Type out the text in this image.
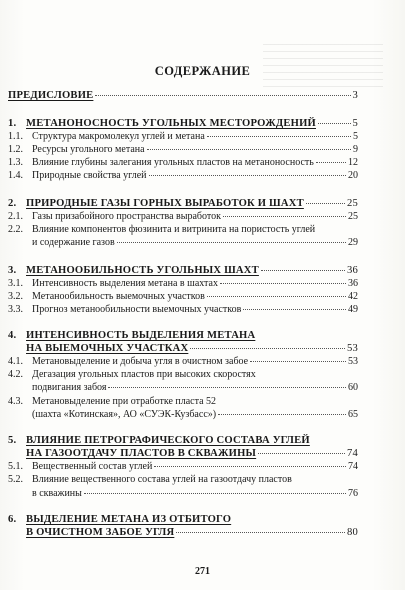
СОДЕРЖАНИЕ
ПРЕДИСЛОВИЕ	3
1. МЕТАНОНОСНОСТЬ УГОЛЬНЫХ МЕСТОРОЖДЕНИЙ	5
1.1. Структура макромолекул углей и метана	5
1.2. Ресурсы угольного метана	9
1.3. Влияние глубины залегания угольных пластов на метаноносность	12
1.4. Природные свойства углей	20
2. ПРИРОДНЫЕ ГАЗЫ ГОРНЫХ ВЫРАБОТОК И ШАХТ	25
2.1. Газы призабойного пространства выработок	25
2.2. Влияние компонентов фюзинита и витринита на пористость углей
и содержание газов	29
3. МЕТАНООБИЛЬНОСТЬ УГОЛЬНЫХ ШАХТ	36
3.1. Интенсивность выделения метана в шахтах	36
3.2. Метанообильность выемочных участков	42
3.3. Прогноз метанообильности выемочных участков	49
4. ИНТЕНСИВНОСТЬ ВЫДЕЛЕНИЯ МЕТАНА
НА ВЫЕМОЧНЫХ УЧАСТКАХ	53
4.1. Метановыделение и добыча угля в очистном забое	53
4.2. Дегазация угольных пластов при высоких скоростях
подвигания забоя	60
4.3. Метановыделение при отработке пласта 52
(шахта «Котинская», АО «СУЭК-Кузбасс»)	65
5. ВЛИЯНИЕ ПЕТРОГРАФИЧЕСКОГО СОСТАВА УГЛЕЙ
НА ГАЗООТДАЧУ ПЛАСТОВ В СКВАЖИНЫ	74
5.1. Вещественный состав углей	74
5.2. Влияние вещественного состава углей на газоотдачу пластов
в скважины	76
6. ВЫДЕЛЕНИЕ МЕТАНА ИЗ ОТБИТОГО
В ОЧИСТНОМ ЗАБОЕ УГЛЯ	80
271
